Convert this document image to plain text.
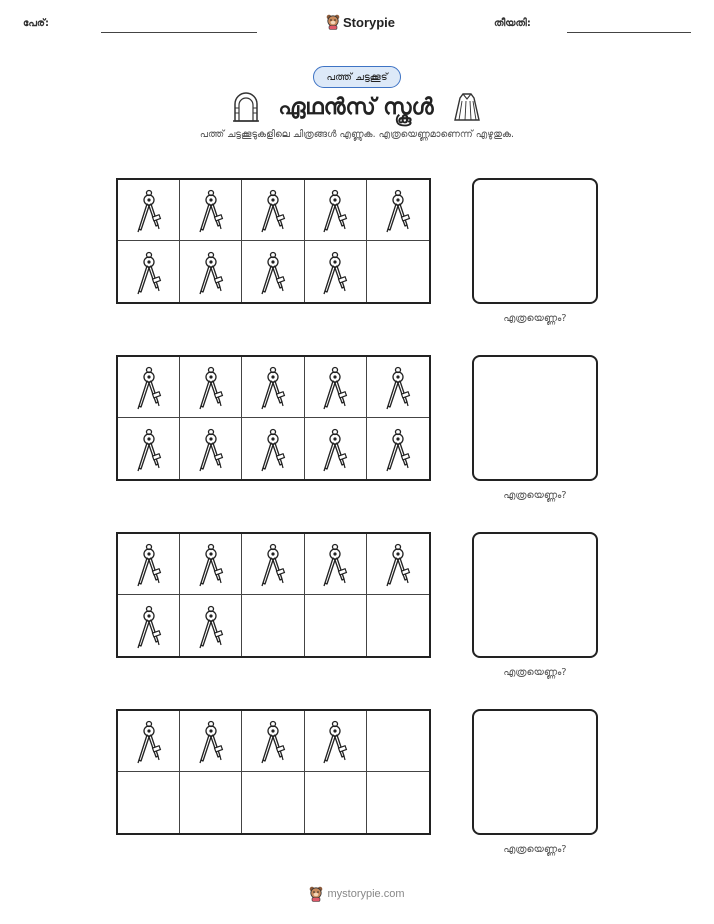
പേര്:	Storypie	തീയതി:
പത്ത് ചട്ടക്കൂട്
ഏഥൻസ് സ്കൂൾ
പത്ത് ചട്ടക്കൂടുകളിലെ ചിത്രങ്ങൾ എണ്ണുക. എത്രയെണ്ണമാണെന്ന് എഴുതുക.
എത്രയെണ്ണം?
എത്രയെണ്ണം?
എത്രയെണ്ണം?
എത്രയെണ്ണം?
mystorypie.com
